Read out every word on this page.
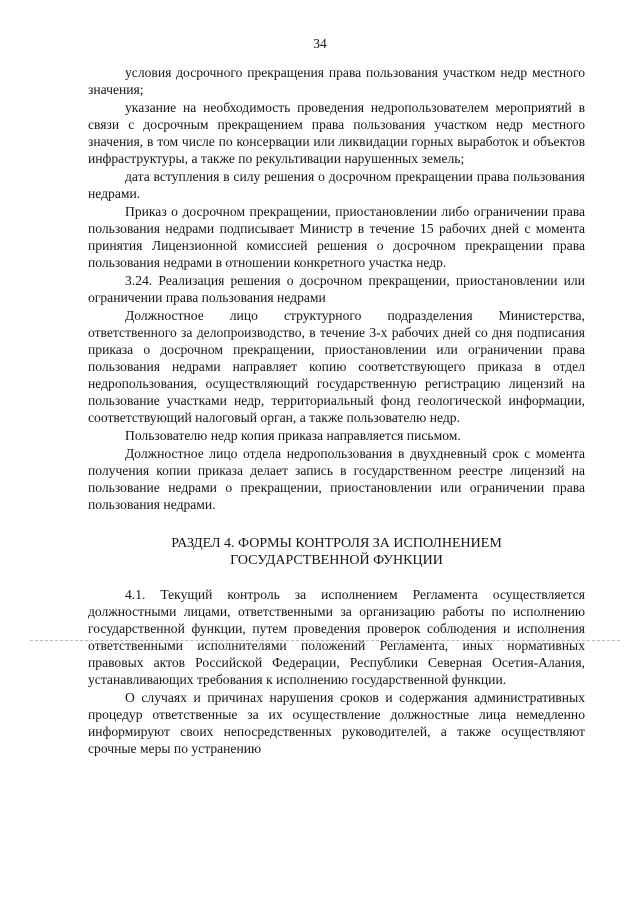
34

условия досрочного прекращения права пользования участком недр местного значения;

указание на необходимость проведения недропользователем мероприятий в связи с досрочным прекращением права пользования участком недр местного значения, в том числе по консервации или ликвидации горных выработок и объектов инфраструктуры, а также по рекультивации нарушенных земель;

дата вступления в силу решения о досрочном прекращении права пользования недрами.

Приказ о досрочном прекращении, приостановлении либо ограничении права пользования недрами подписывает Министр в течение 15 рабочих дней с момента принятия Лицензионной комиссией решения о досрочном прекращении права пользования недрами в отношении конкретного участка недр.

3.24. Реализация решения о досрочном прекращении, приостановлении или ограничении права пользования недрами

Должностное лицо структурного подразделения Министерства, ответственного за делопроизводство, в течение 3-х рабочих дней со дня подписания приказа о досрочном прекращении, приостановлении или ограничении права пользования недрами направляет копию соответствующего приказа в отдел недропользования, осуществляющий государственную регистрацию лицензий на пользование участками недр, территориальный фонд геологической информации, соответствующий налоговый орган, а также пользователю недр.

Пользователю недр копия приказа направляется письмом.

Должностное лицо отдела недропользования в двухдневный срок с момента получения копии приказа делает запись в государственном реестре лицензий на пользование недрами о прекращении, приостановлении или ограничении права пользования недрами.

РАЗДЕЛ 4. ФОРМЫ КОНТРОЛЯ ЗА ИСПОЛНЕНИЕМ
ГОСУДАРСТВЕННОЙ ФУНКЦИИ

4.1. Текущий контроль за исполнением Регламента осуществляется должностными лицами, ответственными за организацию работы по исполнению государственной функции, путем проведения проверок соблюдения и исполнения ответственными исполнителями положений Регламента, иных нормативных правовых актов Российской Федерации, Республики Северная Осетия-Алания, устанавливающих требования к исполнению государственной функции.

О случаях и причинах нарушения сроков и содержания административных процедур ответственные за их осуществление должностные лица немедленно информируют своих непосредственных руководителей, а также осуществляют срочные меры по устранению
